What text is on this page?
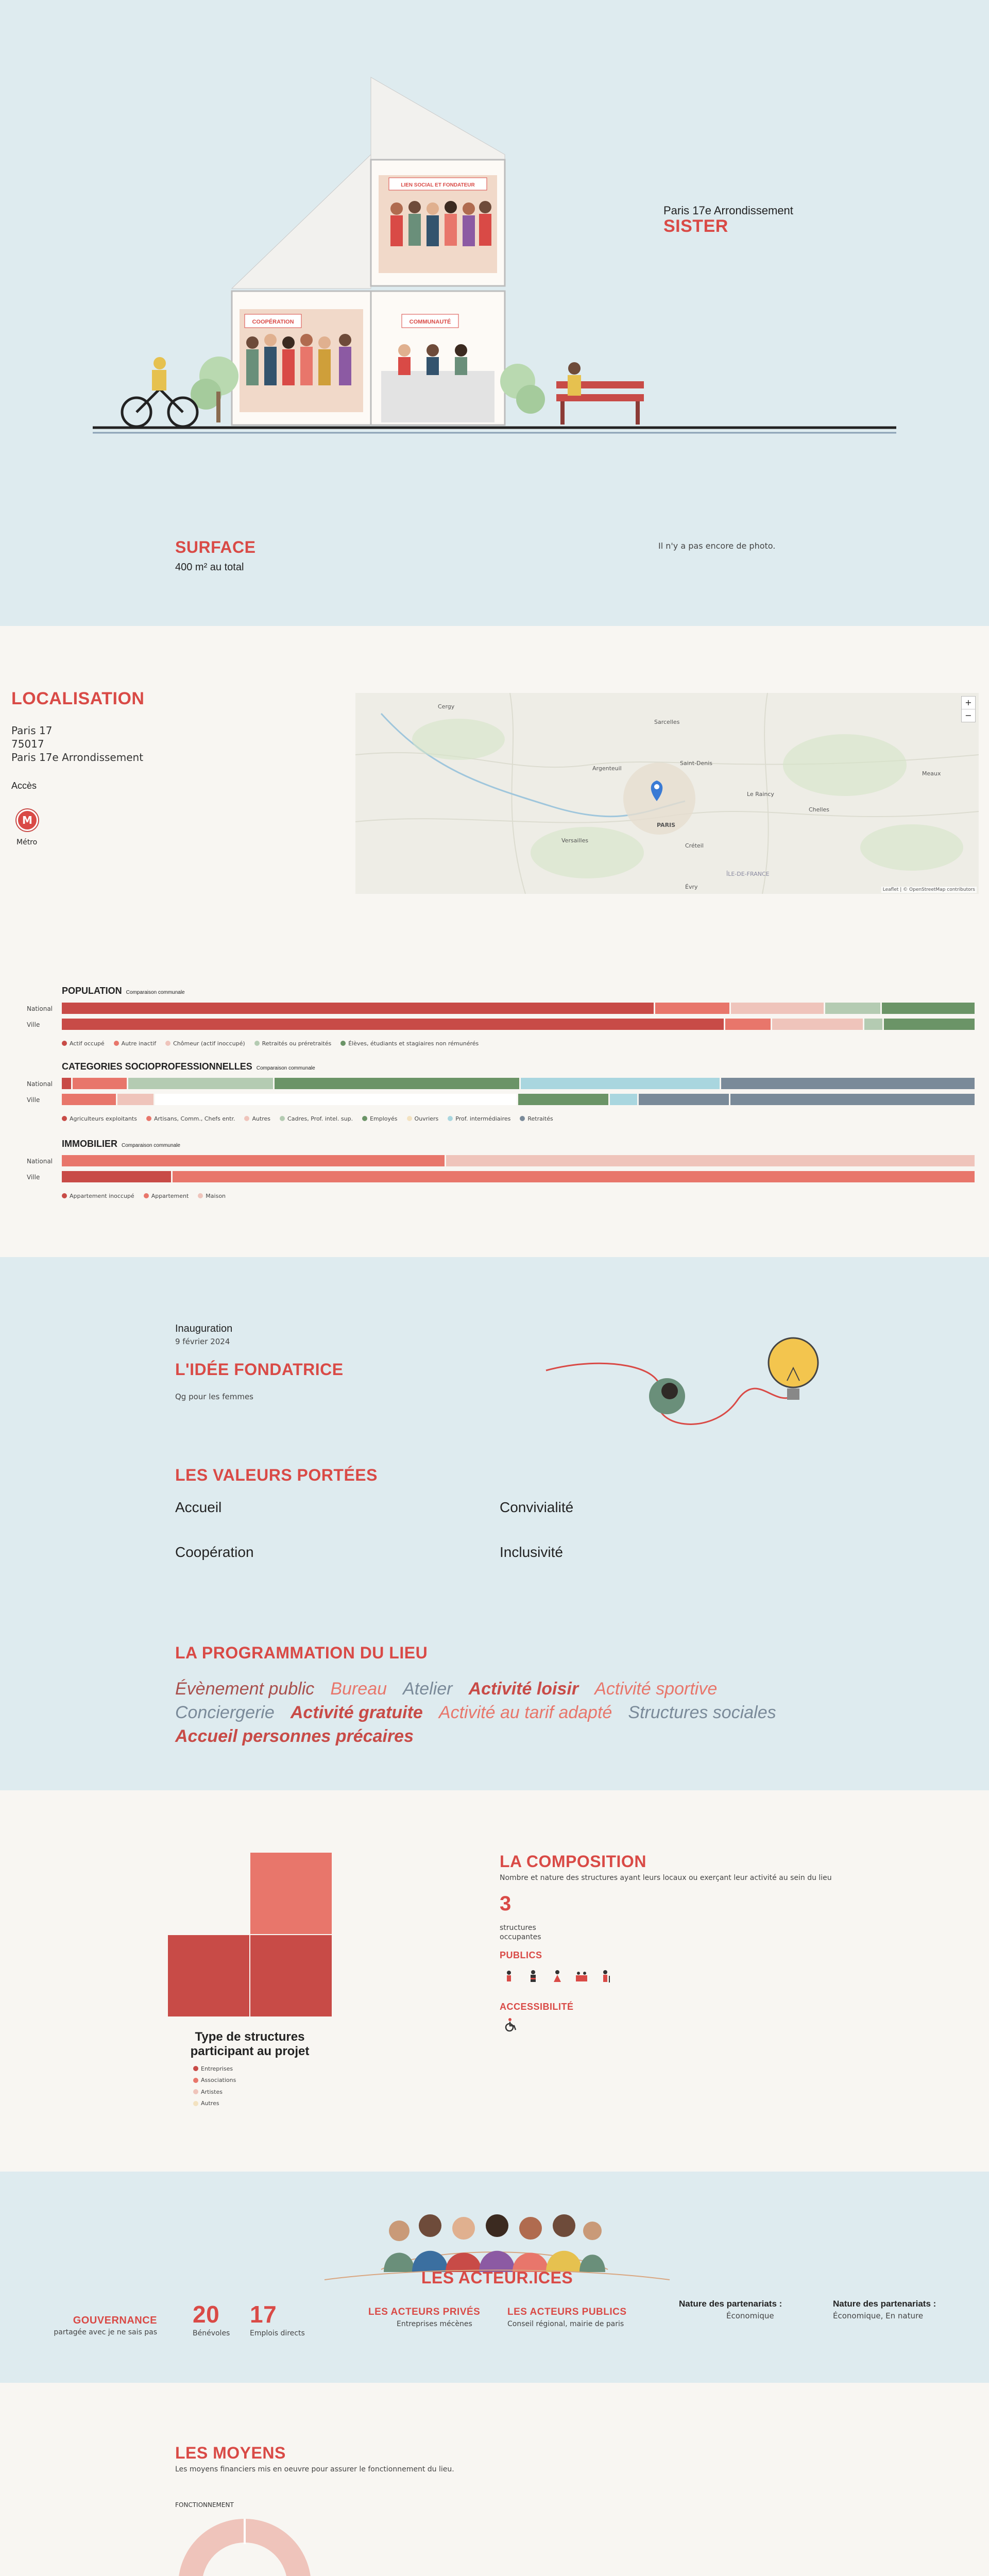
COOPÉRATION	COMMUNAUTÉ
LIEN SOCIAL ET FONDATEUR
Paris 17e Arrondissement
SISTER
SURFACE
400 m² au total
Il n'y a pas encore de photo.
LOCALISATION
Paris 17
75017
Paris 17e Arrondissement
Accès
M
Métro
Cergy
Argenteuil
Saint-Denis
PARIS
Versailles
Créteil
Évry
ÎLE-DE-FRANCE
Chelles
Le Raincy
Sarcelles
Meaux
+
−
Leaflet | © OpenStreetMap contributors
POPULATION Comparaison communale
National
Ville
Actif occupé	Autre inactif	Chômeur (actif inoccupé)	Retraités ou préretraités	Élèves, étudiants et stagiaires non rémunérés
CATEGORIES SOCIOPROFESSIONNELLES Comparaison communale
National
Ville
Agriculteurs exploitants	Artisans, Comm., Chefs entr.	Autres	Cadres, Prof. intel. sup.	Employés	Ouvriers	Prof. intermédiaires	Retraités
IMMOBILIER Comparaison communale
National
Ville
Appartement inoccupé	Appartement	Maison
Inauguration
9 février 2024
L'IDÉE FONDATRICE
Qg pour les femmes
LES VALEURS PORTÉES
Accueil	Convivialité
Coopération	Inclusivité
LA PROGRAMMATION DU LIEU
Évènement public Bureau Atelier Activité loisir Activité sportive Conciergerie Activité gratuite Activité au tarif adapté Structures sociales Accueil personnes précaires
Type de structures
participant au projet
Entreprises
Associations
Artistes
Autres
LA COMPOSITION
Nombre et nature des structures ayant leurs locaux ou exerçant leur activité au sein du lieu
3
structures
occupantes
PUBLICS

ACCESSIBILITÉ
LES ACTEUR.ICES
GOUVERNANCE
partagée avec je ne sais pas
20
Bénévoles
17
Emplois directs
LES ACTEURS PRIVÉS
Entreprises mécènes
LES ACTEURS PUBLICS
Conseil régional, mairie de paris
Nature des partenariats :
Économique
Nature des partenariats :
Économique, En nature
LES MOYENS
Les moyens financiers mis en oeuvre pour assurer le fonctionnement du lieu.
FONCTIONNEMENT
